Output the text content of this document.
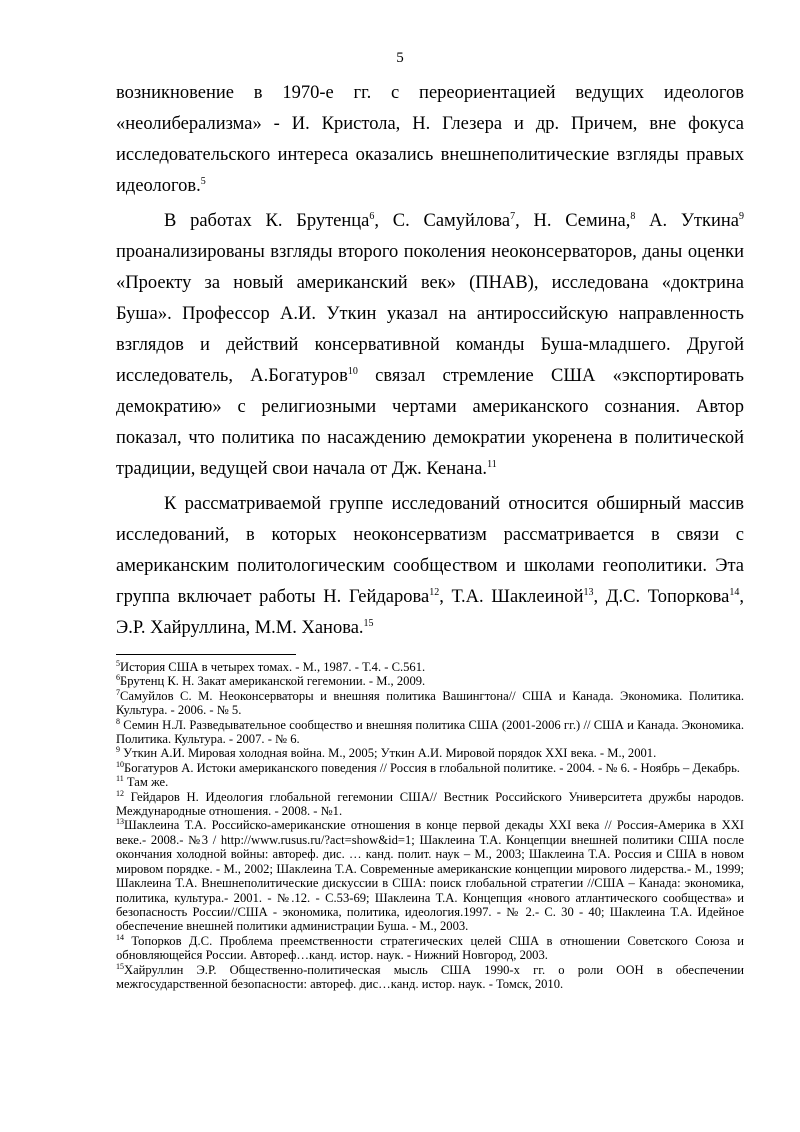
5

возникновение в 1970-е гг. с переориентацией ведущих идеологов «неолиберализма» - И. Кристола, Н. Глезера и др. Причем, вне фокуса исследовательского интереса оказались внешнеполитические взгляды правых идеологов.$^5$

В работах К. Брутенца$^6$, С. Самуйлова$^7$, Н. Семина,$^8$ А. Уткина$^9$ проанализированы взгляды второго поколения неоконсерваторов, даны оценки «Проекту за новый американский век» (ПНАВ), исследована «доктрина Буша». Профессор А.И. Уткин указал на антироссийскую направленность взглядов и действий консервативной команды Буша-младшего. Другой исследователь, А.Богатуров$^{10}$ связал стремление США «экспортировать демократию» с религиозными чертами американского сознания. Автор показал, что политика по насаждению демократии укоренена в политической традиции, ведущей свои начала от Дж. Кенана.$^{11}$

К рассматриваемой группе исследований относится обширный массив исследований, в которых неоконсерватизм рассматривается в связи с американским политологическим сообществом и школами геополитики. Эта группа включает работы Н. Гейдарова$^{12}$, Т.А. Шаклеиной$^{13}$, Д.С. Топоркова$^{14}$, Э.Р. Хайруллина, М.М. Ханова.$^{15}$

$^5$История США в четырех томах. - М., 1987. - Т.4. - С.561.

$^6$Брутенц К. Н. Закат американской гегемонии. - М., 2009.

$^7$Самуйлов С. М. Неоконсерваторы и внешняя политика Вашингтона// США и Канада. Экономика. Политика. Культура. - 2006. - № 5.

$^8$ Семин Н.Л. Разведывательное сообщество и внешняя политика США (2001-2006 гг.) // США и Канада. Экономика. Политика. Культура. - 2007. - № 6.

$^9$ Уткин А.И. Мировая холодная война. М., 2005; Уткин А.И. Мировой порядок XXI века. - М., 2001.

$^{10}$Богатуров А. Истоки американского поведения // Россия в глобальной политике. - 2004. - № 6. - Ноябрь – Декабрь.

$^{11}$ Там же.

$^{12}$ Гейдаров Н. Идеология глобальной гегемонии США// Вестник Российского Университета дружбы народов. Международные отношения. - 2008. - №1.

$^{13}$Шаклеина Т.А. Российско-американские отношения в конце первой декады XXI века // Россия-Америка в XXI веке.- 2008.- №3 / http://www.rusus.ru/?act=show&id=1; Шаклеина Т.А. Концепции внешней политики США после окончания холодной войны: автореф. дис. … канд. полит. наук – М., 2003; Шаклеина Т.А. Россия и США в новом мировом порядке. - М., 2002; Шаклеина Т.А. Современные американские концепции мирового лидерства.- М., 1999; Шаклеина Т.А. Внешнеполитические дискуссии в США: поиск глобальной стратегии //США – Канада: экономика, политика, культура.- 2001. - №.12. - С.53-69; Шаклеина Т.А. Концепция «нового атлантического сообщества» и безопасность России//США - экономика, политика, идеология.1997. - № 2.- С. 30 - 40; Шаклеина Т.А. Идейное обеспечение внешней политики администрации Буша. - М., 2003.

$^{14}$ Топорков Д.С. Проблема преемственности стратегических целей США в отношении Советского Союза и обновляющейся России. Автореф…канд. истор. наук. - Нижний Новгород, 2003.

$^{15}$Хайруллин Э.Р. Общественно-политическая мысль США 1990-х гг. о роли ООН в обеспечении межгосударственной безопасности: автореф. дис…канд. истор. наук. - Томск, 2010.
